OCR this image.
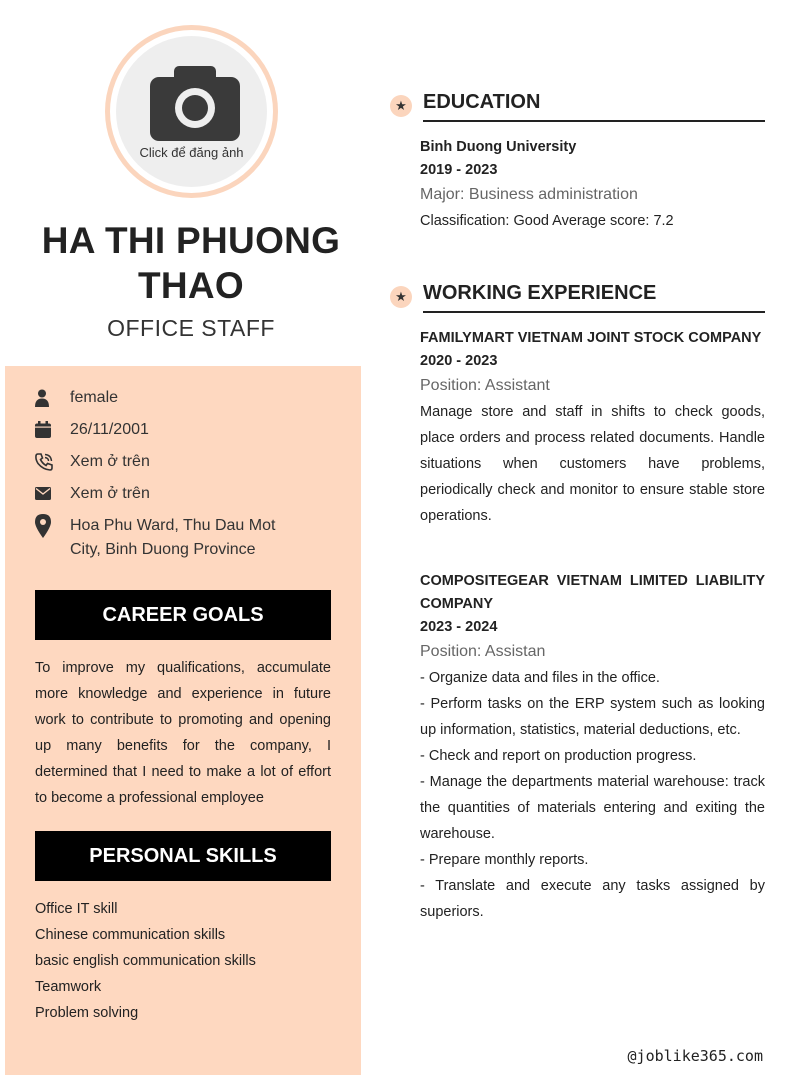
Click để đăng ảnh
HA THI PHUONG
THAO
OFFICE STAFF
female
26/11/2001
Xem ở trên
Xem ở trên
Hoa Phu Ward, Thu Dau Mot
City, Binh Duong Province
CAREER GOALS
To improve my qualifications, accumulate more knowledge and experience in future work to contribute to promoting and opening up many benefits for the company, I determined that I need to make a lot of effort to become a professional employee
PERSONAL SKILLS
Office IT skill
Chinese communication skills
basic english communication skills
Teamwork
Problem solving
★ EDUCATION
Binh Duong University
2019 - 2023
Major: Business administration
Classification: Good Average score: 7.2
★ WORKING EXPERIENCE
FAMILYMART VIETNAM JOINT STOCK COMPANY
2020 - 2023
Position: Assistant
Manage store and staff in shifts to check goods, place orders and process related documents. Handle situations when customers have problems, periodically check and monitor to ensure stable store operations.
COMPOSITEGEAR VIETNAM LIMITED LIABILITY COMPANY
2023 - 2024
Position: Assistan
- Organize data and files in the office.
- Perform tasks on the ERP system such as looking up information, statistics, material deductions, etc.
- Check and report on production progress.
- Manage the departments material warehouse: track the quantities of materials entering and exiting the warehouse.
- Prepare monthly reports.
- Translate and execute any tasks assigned by superiors.
@joblike365.com
